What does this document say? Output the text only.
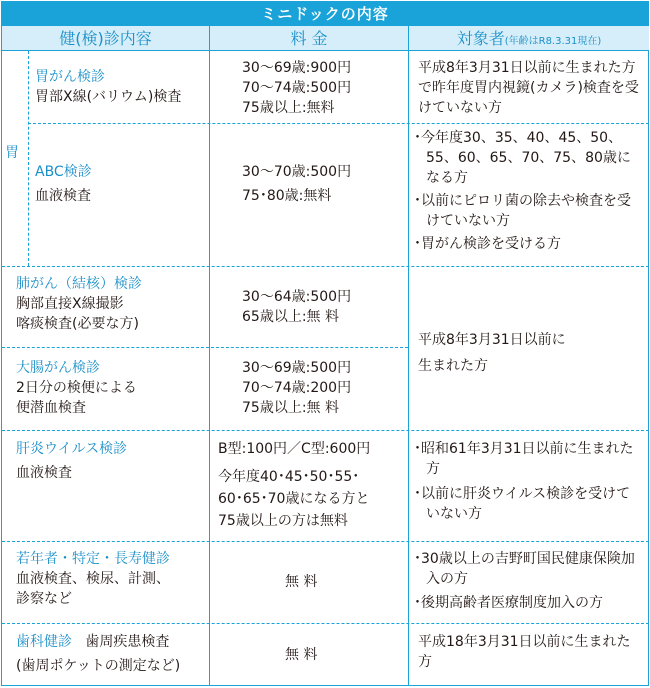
ミニドックの内容
健(検)診内容	料 金	対象者(年齢はR8.3.31現在)
胃
胃がん検診
胃部X線(バリウム)検査
30～69歳:900円
70～74歳:500円
75歳以上:無料
平成8年3月31日以前に生まれた方で昨年度胃内視鏡(カメラ)検査を受けていない方
ABC検診
血液検査
30～70歳:500円
75･80歳:無料
･今年度30、35、40、45、50、55、60、65、70、75、80歳になる方
･以前にピロリ菌の除去や検査を受けていない方
･胃がん検診を受ける方
肺がん（結核）検診
胸部直接X線撮影
喀痰検査(必要な方)
30～64歳:500円
65歳以上:無 料
平成8年3月31日以前に
生まれた方
大腸がん検診
2日分の検便による
便潜血検査
30～69歳:500円
70～74歳:200円
75歳以上:無 料
肝炎ウイルス検診
血液検査
B型:100円／C型:600円
今年度40･45･50･55･
60･65･70歳になる方と
75歳以上の方は無料
･昭和61年3月31日以前に生まれた方
･以前に肝炎ウイルス検診を受けていない方
若年者・特定・長寿健診
血液検査、検尿、計測、
診察など
無 料
･30歳以上の吉野町国民健康保険加入の方
･後期高齢者医療制度加入の方
歯科健診 歯周疾患検査
(歯周ポケットの測定など)
無 料
平成18年3月31日以前に生まれた方
